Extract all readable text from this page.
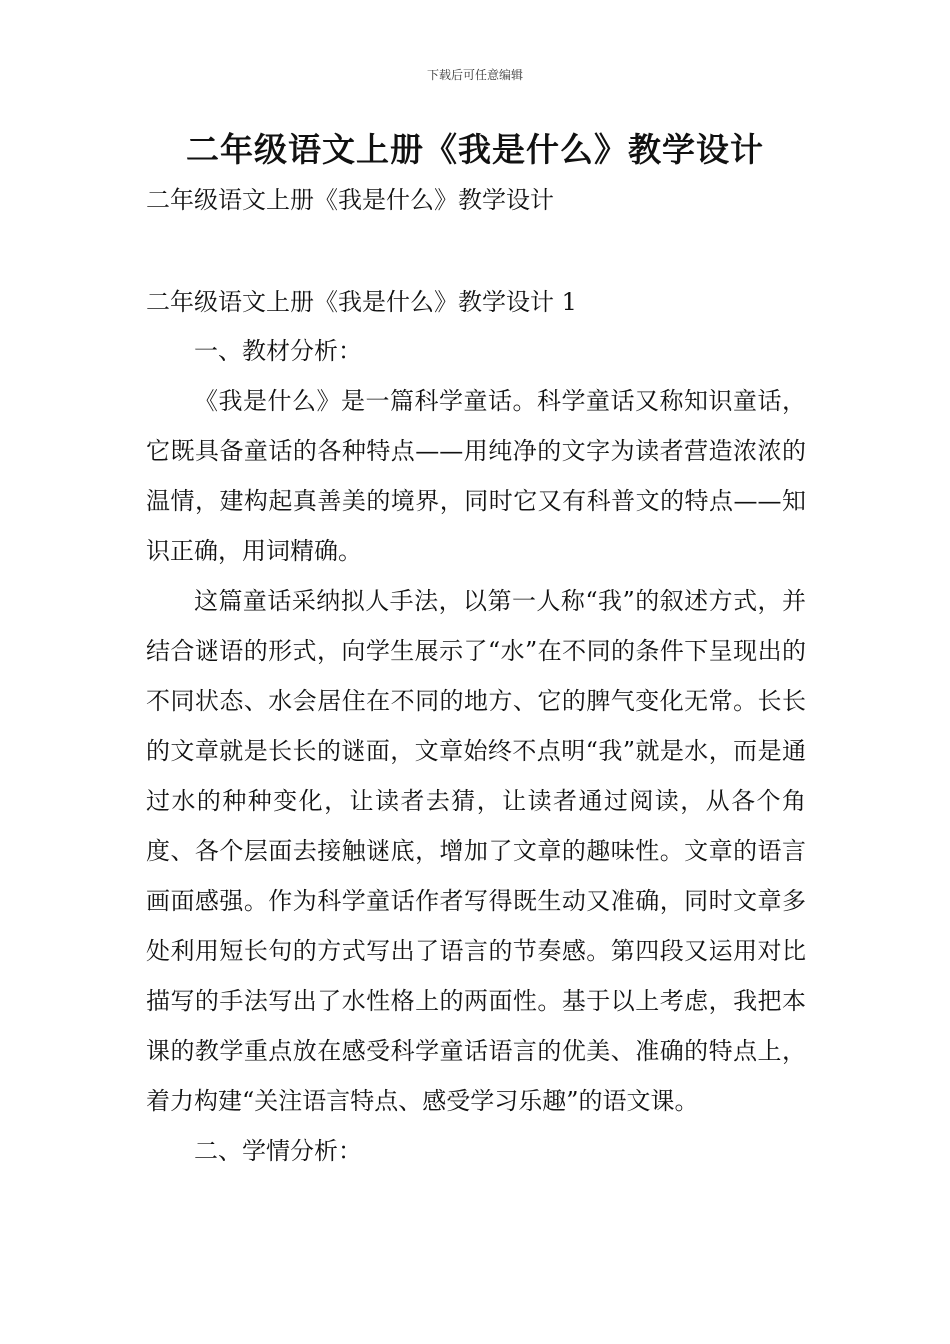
下载后可任意编辑
二年级语文上册《我是什么》教学设计
二年级语文上册《我是什么》教学设计
二年级语文上册《我是什么》教学设计 1

一、教材分析：

《我是什么》是一篇科学童话。科学童话又称知识童话，它既具备童话的各种特点——用纯净的文字为读者营造浓浓的温情，建构起真善美的境界，同时它又有科普文的特点——知识正确，用词精确。

这篇童话采纳拟人手法，以第一人称“我”的叙述方式，并结合谜语的形式，向学生展示了“水”在不同的条件下呈现出的不同状态、水会居住在不同的地方、它的脾气变化无常。长长的文章就是长长的谜面，文章始终不点明“我”就是水，而是通过水的种种变化，让读者去猜，让读者通过阅读，从各个角度、各个层面去接触谜底，增加了文章的趣味性。文章的语言画面感强。作为科学童话作者写得既生动又准确，同时文章多处利用短长句的方式写出了语言的节奏感。第四段又运用对比描写的手法写出了水性格上的两面性。基于以上考虑，我把本课的教学重点放在感受科学童话语言的优美、准确的特点上，着力构建“关注语言特点、感受学习乐趣”的语文课。

二、学情分析：
